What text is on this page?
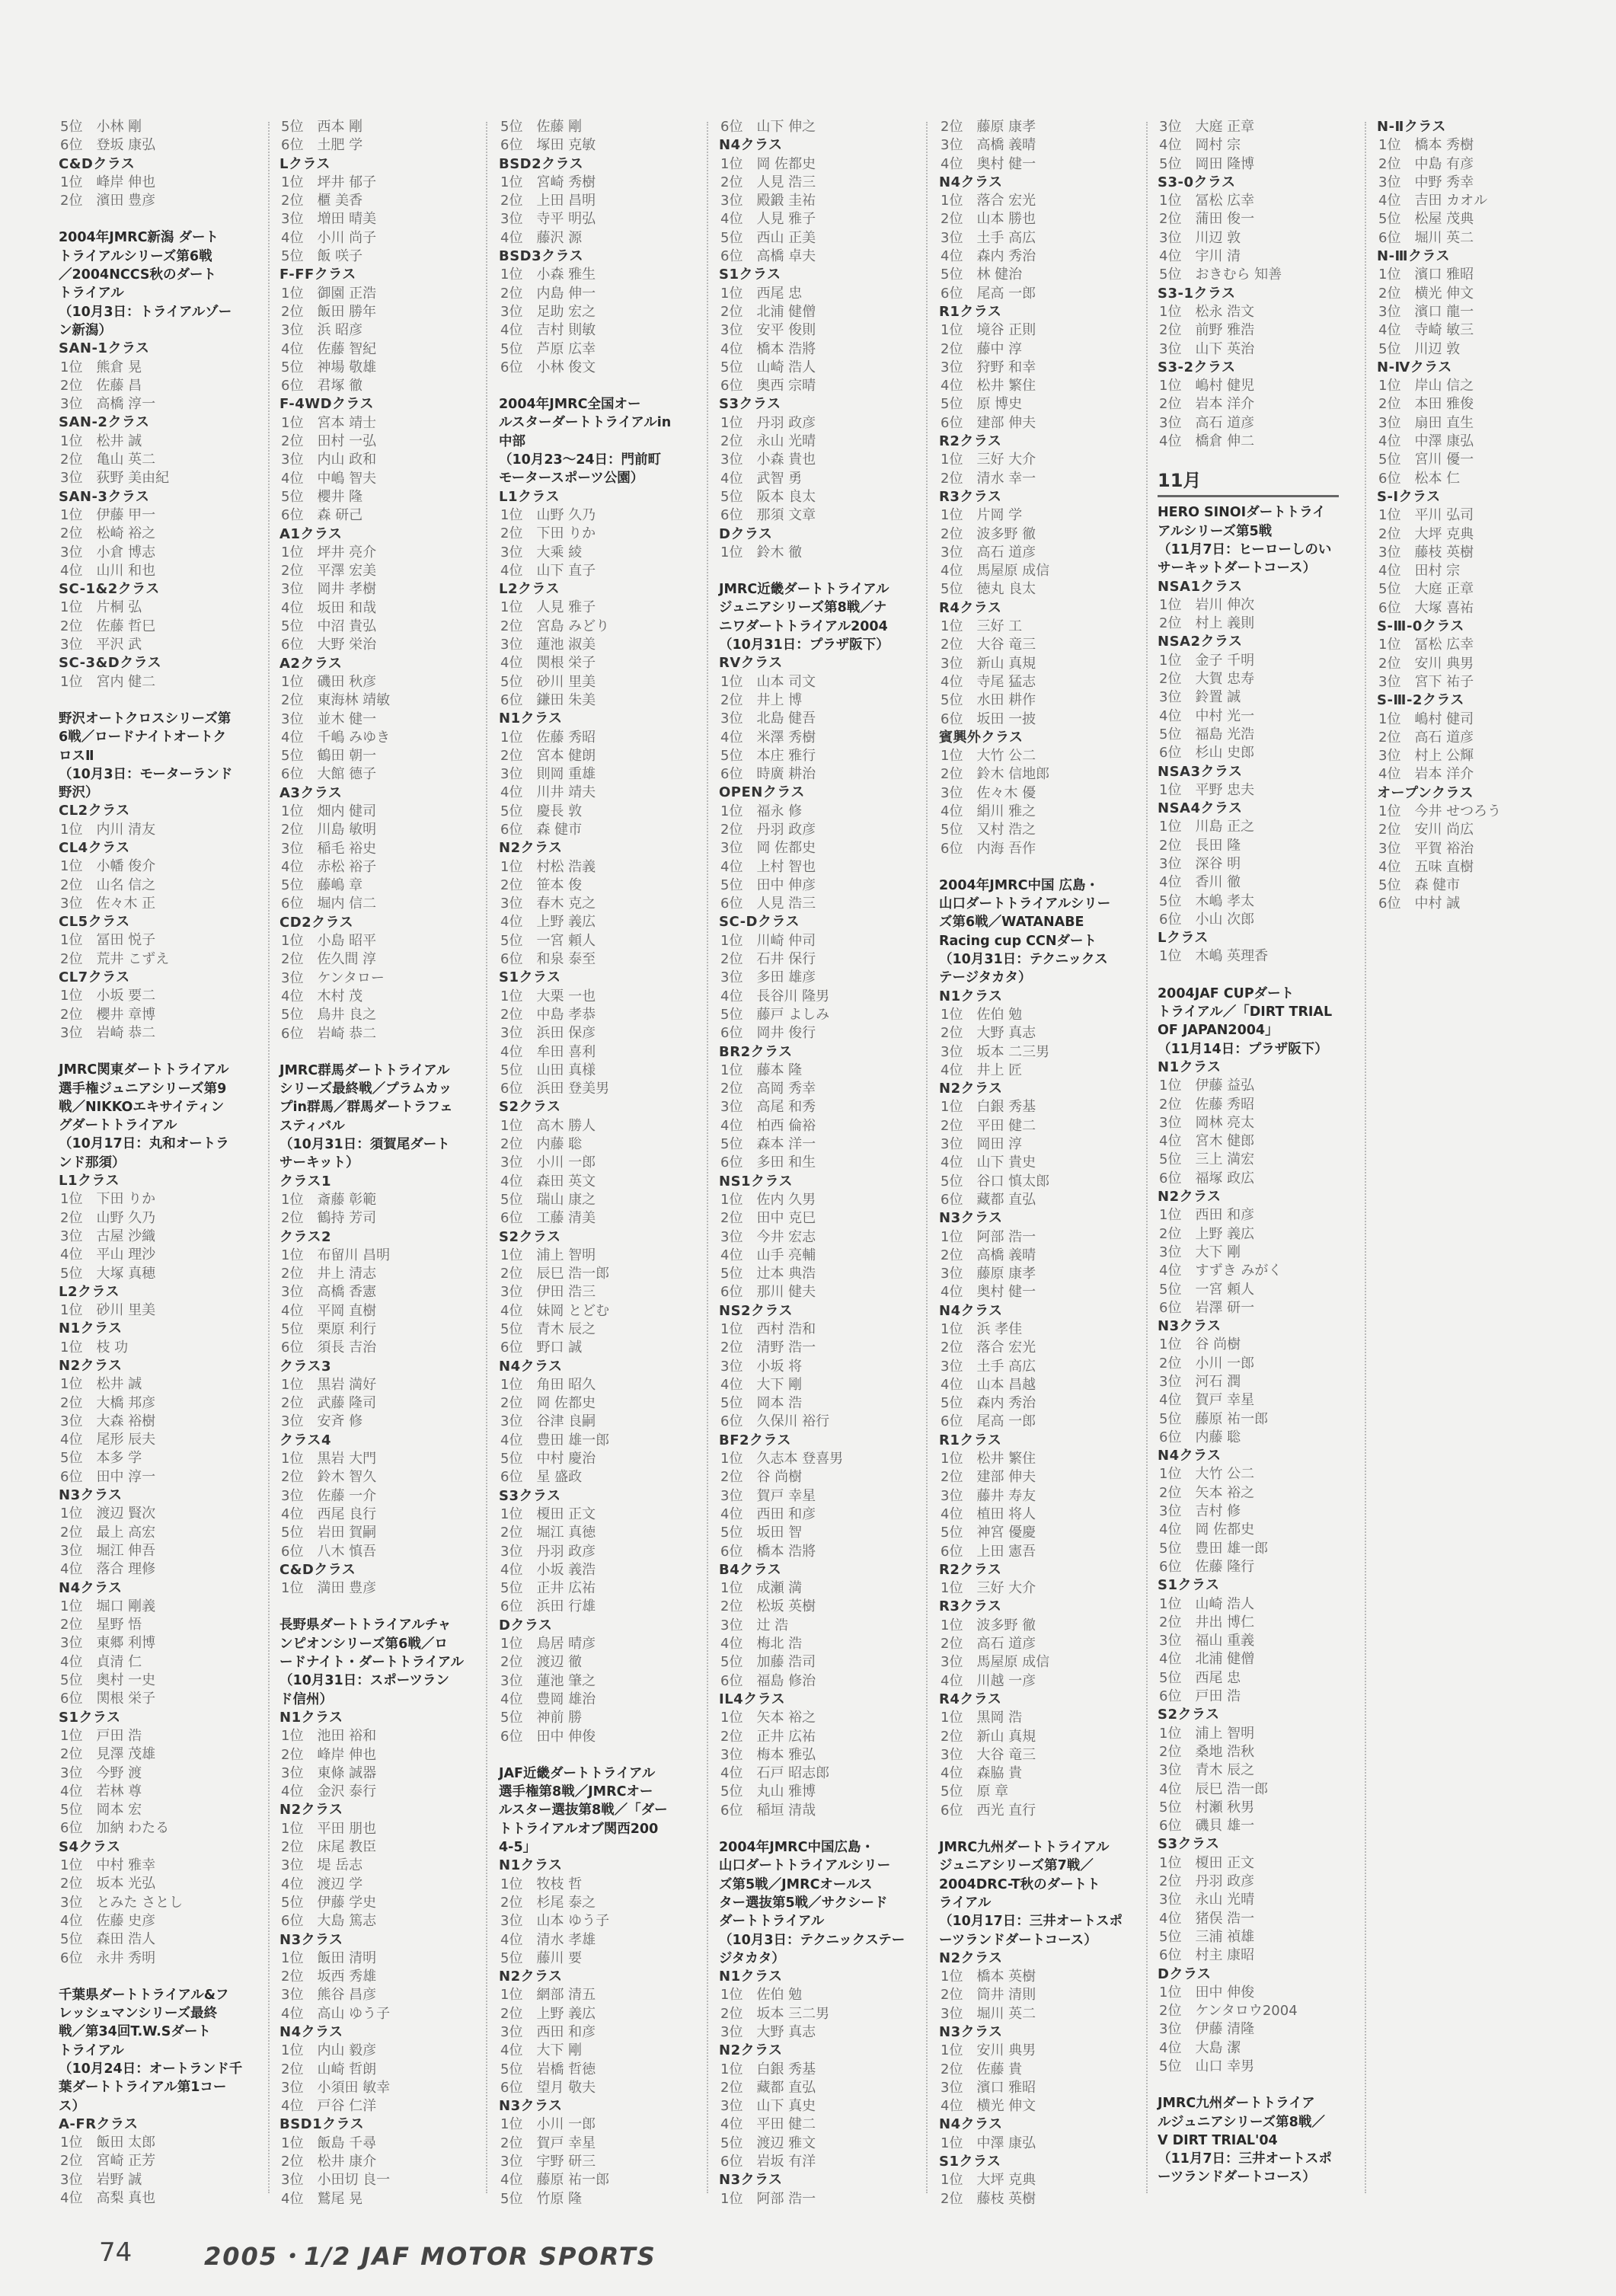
5位　小林 剛
6位　登坂 康弘
C&Dクラス
1位　峰岸 伸也
2位　濱田 豊彦
2004年JMRC新潟 ダート
トライアルシリーズ第6戦
／2004NCCS秋のダート
トライアル
（10月3日：トライアルゾー
ン新潟）
SAN-1クラス
1位　熊倉 晃
2位　佐藤 昌
3位　高橋 淳一
SAN-2クラス
1位　松井 誠
2位　亀山 英二
3位　荻野 美由紀
SAN-3クラス
1位　伊藤 甲一
2位　松崎 裕之
3位　小倉 博志
4位　山川 和也
SC-1&2クラス
1位　片桐 弘
2位　佐藤 哲巳
3位　平沢 武
SC-3&Dクラス
1位　宮内 健二
野沢オートクロスシリーズ第
6戦／ロードナイトオートク
ロスⅡ
（10月3日：モーターランド
野沢）
CL2クラス
1位　内川 清友
CL4クラス
1位　小幡 俊介
2位　山名 信之
3位　佐々木 正
CL5クラス
1位　冨田 悦子
2位　荒井 こずえ
CL7クラス
1位　小坂 要二
2位　櫻井 章博
3位　岩崎 恭二
JMRC関東ダートトライアル
選手権ジュニアシリーズ第9
戦／NIKKOエキサイティン
グダートトライアル
（10月17日：丸和オートラ
ンド那須）
L1クラス
1位　下田 りか
2位　山野 久乃
3位　古屋 沙織
4位　平山 理沙
5位　大塚 真穂
L2クラス
1位　砂川 里美
N1クラス
1位　枝 功
N2クラス
1位　松井 誠
2位　大橋 邦彦
3位　大森 裕樹
4位　尾形 辰夫
5位　本多 学
6位　田中 淳一
N3クラス
1位　渡辺 賢次
2位　最上 高宏
3位　堀江 伸吾
4位　落合 理修
N4クラス
1位　堀口 剛義
2位　星野 悟
3位　東郷 利博
4位　貞清 仁
5位　奥村 一史
6位　関根 栄子
S1クラス
1位　戸田 浩
2位　見澤 茂雄
3位　今野 渡
4位　若林 尊
5位　岡本 宏
6位　加納 わたる
S4クラス
1位　中村 雅幸
2位　坂本 光弘
3位　とみた さとし
4位　佐藤 史彦
5位　森田 浩人
6位　永井 秀明
千葉県ダートトライアル&フ
レッシュマンシリーズ最終
戦／第34回T.W.Sダート
トライアル
（10月24日：オートランド千
葉ダートトライアル第1コー
ス）
A-FRクラス
1位　飯田 太郎
2位　宮崎 正芳
3位　岩野 誠
4位　高梨 真也
5位　西本 剛
6位　土肥 学
Lクラス
1位　坪井 郁子
2位　櫃 美香
3位　増田 晴美
4位　小川 尚子
5位　飯 咲子
F-FFクラス
1位　御園 正浩
2位　飯田 勝年
3位　浜 昭彦
4位　佐藤 智紀
5位　神場 敬雄
6位　君塚 徹
F-4WDクラス
1位　宮本 靖士
2位　田村 一弘
3位　内山 政和
4位　中嶋 智夫
5位　櫻井 隆
6位　森 研己
A1クラス
1位　坪井 亮介
2位　平澤 宏美
3位　岡井 孝樹
4位　坂田 和哉
5位　中沼 貴弘
6位　大野 栄治
A2クラス
1位　磯田 秋彦
2位　東海林 靖敏
3位　並木 健一
4位　千嶋 みゆき
5位　鶴田 朝一
6位　大館 德子
A3クラス
1位　畑内 健司
2位　川島 敏明
3位　稲毛 裕史
4位　赤松 裕子
5位　藤嶋 章
6位　堀内 信二
CD2クラス
1位　小島 昭平
2位　佐久間 淳
3位　ケンタロー
4位　木村 茂
5位　鳥井 良之
6位　岩崎 恭二
JMRC群馬ダートトライアル
シリーズ最終戦／プラムカッ
プin群馬／群馬ダートラフェ
スティバル
（10月31日：須賀尾ダート
サーキット）
クラス1
1位　斎藤 彰範
2位　鶴持 芳司
クラス2
1位　布留川 昌明
2位　井上 清志
3位　高橋 香憲
4位　平岡 直樹
5位　栗原 利行
6位　須長 吉治
クラス3
1位　黒岩 満好
2位　武藤 隆司
3位　安斉 修
クラス4
1位　黒岩 大門
2位　鈴木 智久
3位　佐藤 一介
4位　西尾 良行
5位　岩田 賀嗣
6位　八木 慎吾
C&Dクラス
1位　満田 豊彦
長野県ダートトライアルチャ
ンピオンシリーズ第6戦／ロ
ードナイト・ダートトライアル
（10月31日：スポーツラン
ド信州）
N1クラス
1位　池田 裕和
2位　峰岸 伸也
3位　東條 誠器
4位　金沢 泰行
N2クラス
1位　平田 朋也
2位　床尾 教臣
3位　堤 岳志
4位　渡辺 学
5位　伊藤 学史
6位　大島 篤志
N3クラス
1位　飯田 清明
2位　坂西 秀雄
3位　熊谷 昌彦
4位　高山 ゆう子
N4クラス
1位　内山 毅彦
2位　山崎 哲朗
3位　小須田 敏幸
4位　戸谷 仁洋
BSD1クラス
1位　飯島 千尋
2位　松井 康介
3位　小田切 良一
4位　鷲尾 晃
5位　佐藤 剛
6位　塚田 克敏
BSD2クラス
1位　宮崎 秀樹
2位　上田 昌明
3位　寺平 明弘
4位　藤沢 源
BSD3クラス
1位　小森 雅生
2位　内島 伸一
3位　足助 宏之
4位　吉村 則敏
5位　芦原 広幸
6位　小林 俊文
2004年JMRC全国オー
ルスターダートトライアルin
中部
（10月23〜24日：門前町
モータースポーツ公園）
L1クラス
1位　山野 久乃
2位　下田 りか
3位　大乘 綾
4位　山下 直子
L2クラス
1位　人見 雅子
2位　宮島 みどり
3位　蓮池 淑美
4位　関根 栄子
5位　砂川 里美
6位　鎌田 朱美
N1クラス
1位　佐藤 秀昭
2位　宮本 健朗
3位　則岡 重雄
4位　川井 靖夫
5位　慶長 敦
6位　森 健市
N2クラス
1位　村松 浩義
2位　笹本 俊
3位　春木 克之
4位　上野 義広
5位　一宮 頼人
6位　和泉 泰至
S1クラス
1位　大栗 一也
2位　中島 孝恭
3位　浜田 保彦
4位　牟田 喜利
5位　山田 真様
6位　浜田 登美男
S2クラス
1位　高木 勝人
2位　内藤 聡
3位　小川 一郎
4位　森田 英文
5位　瑞山 康之
6位　工藤 清美
S2クラス
1位　浦上 智明
2位　辰巳 浩一郎
3位　伊田 浩三
4位　妹岡 とどむ
5位　青木 辰之
6位　野口 誠
N4クラス
1位　角田 昭久
2位　岡 佐都史
3位　谷津 良嗣
4位　豊田 雄一郎
5位　中村 慶治
6位　星 盛政
S3クラス
1位　榎田 正文
2位　堀江 真徳
3位　丹羽 政彦
4位　小坂 義浩
5位　正井 広祐
6位　浜田 行雄
Dクラス
1位　鳥居 晴彦
2位　渡辺 徹
3位　蓮池 肇之
4位　豊岡 雄治
5位　神前 勝
6位　田中 伸俊
JAF近畿ダートトライアル
選手権第8戦／JMRCオー
ルスター選抜第8戦／「ダー
トトライアルオブ関西200
4-5」
N1クラス
1位　牧枝 哲
2位　杉尾 泰之
3位　山本 ゆう子
4位　清水 孝雄
5位　藤川 要
N2クラス
1位　網部 清五
2位　上野 義広
3位　西田 和彦
4位　大下 剛
5位　岩橋 哲徳
6位　望月 敬夫
N3クラス
1位　小川 一郎
2位　賀戸 幸星
3位　宇野 研三
4位　藤原 祐一郎
5位　竹原 隆
6位　山下 伸之
N4クラス
1位　岡 佐都史
2位　人見 浩三
3位　殿鍛 圭祐
4位　人見 雅子
5位　西山 正美
6位　高橋 卓夫
S1クラス
1位　西尾 忠
2位　北浦 健僧
3位　安平 俊則
4位　橋本 浩將
5位　山崎 浩人
6位　奥西 宗晴
S3クラス
1位　丹羽 政彦
2位　永山 光晴
3位　小森 貴也
4位　武智 勇
5位　阪本 良太
6位　那須 文章
Dクラス
1位　鈴木 徹
JMRC近畿ダートトライアル
ジュニアシリーズ第8戦／ナ
ニワダートトライアル2004
（10月31日：プラザ阪下）
RVクラス
1位　山本 司文
2位　井上 博
3位　北島 健吾
4位　米澤 秀樹
5位　本庄 雅行
6位　時廣 耕治
OPENクラス
1位　福永 修
2位　丹羽 政彦
3位　岡 佐都史
4位　上村 智也
5位　田中 伸彦
6位　人見 浩三
SC-Dクラス
1位　川崎 仲司
2位　石井 保行
3位　多田 雄彦
4位　長谷川 隆男
5位　藤戸 よしみ
6位　岡井 俊行
BR2クラス
1位　藤本 隆
2位　高岡 秀幸
3位　高尾 和秀
4位　柏西 倫裕
5位　森本 洋一
6位　多田 和生
NS1クラス
1位　佐内 久男
2位　田中 克巳
3位　今井 宏志
4位　山手 亮輔
5位　辻本 典浩
6位　那川 健夫
NS2クラス
1位　西村 浩和
2位　清野 浩一
3位　小坂 将
4位　大下 剛
5位　岡本 浩
6位　久保川 裕行
BF2クラス
1位　久志本 登喜男
2位　谷 尚樹
3位　賀戸 幸星
4位　西田 和彦
5位　坂田 智
6位　橋本 浩將
B4クラス
1位　成瀬 満
2位　松坂 英樹
3位　辻 浩
4位　梅北 浩
5位　加藤 浩司
6位　福島 修治
IL4クラス
1位　矢本 裕之
2位　正井 広祐
3位　梅本 雅弘
4位　石戸 昭志郎
5位　丸山 雅博
6位　稲垣 清哉
2004年JMRC中国広島・
山口ダートトライアルシリー
ズ第5戦／JMRCオールス
ター選抜第5戦／サクシード
ダートトライアル
（10月3日：テクニックステー
ジタカタ）
N1クラス
1位　佐伯 勉
2位　坂本 三二男
3位　大野 真志
N2クラス
1位　白銀 秀基
2位　藏都 直弘
3位　山下 真史
4位　平田 健二
5位　渡辺 雅文
6位　岩坂 有洋
N3クラス
1位　阿部 浩一
2位　藤原 康孝
3位　高橋 義晴
4位　奥村 健一
N4クラス
1位　落合 宏光
2位　山本 勝也
3位　土手 高広
4位　森内 秀治
5位　林 健治
6位　尾高 一郎
R1クラス
1位　境谷 正則
2位　藤中 淳
3位　狩野 和幸
4位　松井 繁住
5位　原 博史
6位　建部 伸夫
R2クラス
1位　三好 大介
2位　清水 幸一
R3クラス
1位　片岡 学
2位　波多野 徹
3位　高石 道彦
4位　馬屋原 成信
5位　徳丸 良太
R4クラス
1位　三好 工
2位　大谷 竜三
3位　新山 真規
4位　寺尾 猛志
5位　水田 耕作
6位　坂田 一披
賓興外クラス
1位　大竹 公二
2位　鈴木 信地郎
3位　佐々木 優
4位　絹川 雅之
5位　又村 浩之
6位　内海 吾作
2004年JMRC中国 広島・
山口ダートトライアルシリー
ズ第6戦／WATANABE
Racing cup CCNダート
（10月31日：テクニックス
テージタカタ）
N1クラス
1位　佐伯 勉
2位　大野 真志
3位　坂本 二三男
4位　井上 匠
N2クラス
1位　白銀 秀基
2位　平田 健二
3位　岡田 淳
4位　山下 貴史
5位　谷口 慎太郎
6位　藏都 直弘
N3クラス
1位　阿部 浩一
2位　高橋 義晴
3位　藤原 康孝
4位　奥村 健一
N4クラス
1位　浜 孝佳
2位　落合 宏光
3位　土手 高広
4位　山本 昌越
5位　森内 秀治
6位　尾高 一郎
R1クラス
1位　松井 繁住
2位　建部 伸夫
3位　藤井 寿友
4位　植田 将人
5位　神宮 優慶
6位　上田 憲吾
R2クラス
1位　三好 大介
R3クラス
1位　波多野 徹
2位　高石 道彦
3位　馬屋原 成信
4位　川越 一彦
R4クラス
1位　黒岡 浩
2位　新山 真規
3位　大谷 竜三
4位　森脇 貴
5位　原 章
6位　西光 直行
JMRC九州ダートトライアル
ジュニアシリーズ第7戦／
2004DRC-T秋のダートト
ライアル
（10月17日：三井オートスポ
ーツランドダートコース）
N2クラス
1位　橋本 英樹
2位　筒井 清則
3位　堀川 英二
N3クラス
1位　安川 典男
2位　佐藤 貴
3位　濱口 雅昭
4位　横光 伸文
N4クラス
1位　中澤 康弘
S1クラス
1位　大坪 克典
2位　藤枝 英樹
3位　大庭 正章
4位　岡村 宗
5位　岡田 隆博
S3-0クラス
1位　冨松 広幸
2位　蒲田 俊一
3位　川辺 敦
4位　宇川 清
5位　おきむら 知善
S3-1クラス
1位　松永 浩文
2位　前野 雅浩
3位　山下 英治
S3-2クラス
1位　嶋村 健児
2位　岩本 洋介
3位　高石 道彦
4位　橋倉 伸二
11月
HERO SINOIダートトライ
アルシリーズ第5戦
（11月7日：ヒーローしのい
サーキットダートコース）
NSA1クラス
1位　岩川 伸次
2位　村上 義則
NSA2クラス
1位　金子 千明
2位　大賀 忠寿
3位　鈴置 誠
4位　中村 光一
5位　福島 光浩
6位　杉山 史郎
NSA3クラス
1位　平野 忠夫
NSA4クラス
1位　川島 正之
2位　長田 隆
3位　深谷 明
4位　香川 徹
5位　木嶋 孝太
6位　小山 次郎
Lクラス
1位　木嶋 英理香
2004JAF CUPダート
トライアル／「DIRT TRIAL
OF JAPAN2004」
（11月14日：プラザ阪下）
N1クラス
1位　伊藤 益弘
2位　佐藤 秀昭
3位　岡林 亮太
4位　宮木 健郎
5位　三上 満宏
6位　福塚 政広
N2クラス
1位　西田 和彦
2位　上野 義広
3位　大下 剛
4位　すずき みがく
5位　一宮 頼人
6位　岩澤 研一
N3クラス
1位　谷 尚樹
2位　小川 一郎
3位　河石 潤
4位　賀戸 幸星
5位　藤原 祐一郎
6位　内藤 聡
N4クラス
1位　大竹 公二
2位　矢本 裕之
3位　吉村 修
4位　岡 佐都史
5位　豊田 雄一郎
6位　佐藤 隆行
S1クラス
1位　山崎 浩人
2位　井出 博仁
3位　福山 重義
4位　北浦 健僧
5位　西尾 忠
6位　戸田 浩
S2クラス
1位　浦上 智明
2位　桑地 浩秋
3位　青木 辰之
4位　辰巳 浩一郎
5位　村瀬 秋男
6位　磯貝 雄一
S3クラス
1位　榎田 正文
2位　丹羽 政彦
3位　永山 光晴
4位　猪俣 浩一
5位　三浦 禎雄
6位　村主 康昭
Dクラス
1位　田中 伸俊
2位　ケンタロウ2004
3位　伊藤 清隆
4位　大島 潔
5位　山口 幸男
JMRC九州ダートトライア
ルジュニアシリーズ第8戦／
V DIRT TRIAL'04
（11月7日：三井オートスポ
ーツランドダートコース）
N-Ⅱクラス
1位　橋本 秀樹
2位　中島 有彦
3位　中野 秀幸
4位　吉田 カオル
5位　松屋 茂典
6位　堀川 英二
N-Ⅲクラス
1位　濱口 雅昭
2位　横光 伸文
3位　濱口 龍一
4位　寺崎 敏三
5位　川辺 敦
N-Ⅳクラス
1位　岸山 信之
2位　本田 雅俊
3位　扇田 直生
4位　中澤 康弘
5位　宮川 優一
6位　松本 仁
S-Ⅰクラス
1位　平川 弘司
2位　大坪 克典
3位　藤枝 英樹
4位　田村 宗
5位　大庭 正章
6位　大塚 喜祐
S-Ⅲ-0クラス
1位　冨松 広幸
2位　安川 典男
3位　宮下 祐子
S-Ⅲ-2クラス
1位　嶋村 健司
2位　高石 道彦
3位　村上 公輝
4位　岩本 洋介
オープンクラス
1位　今井 せつろう
2位　安川 尚広
3位　平賀 裕治
4位　五味 直樹
5位　森 健市
6位　中村 誠
74	2005・1/2 JAF MOTOR SPORTS
